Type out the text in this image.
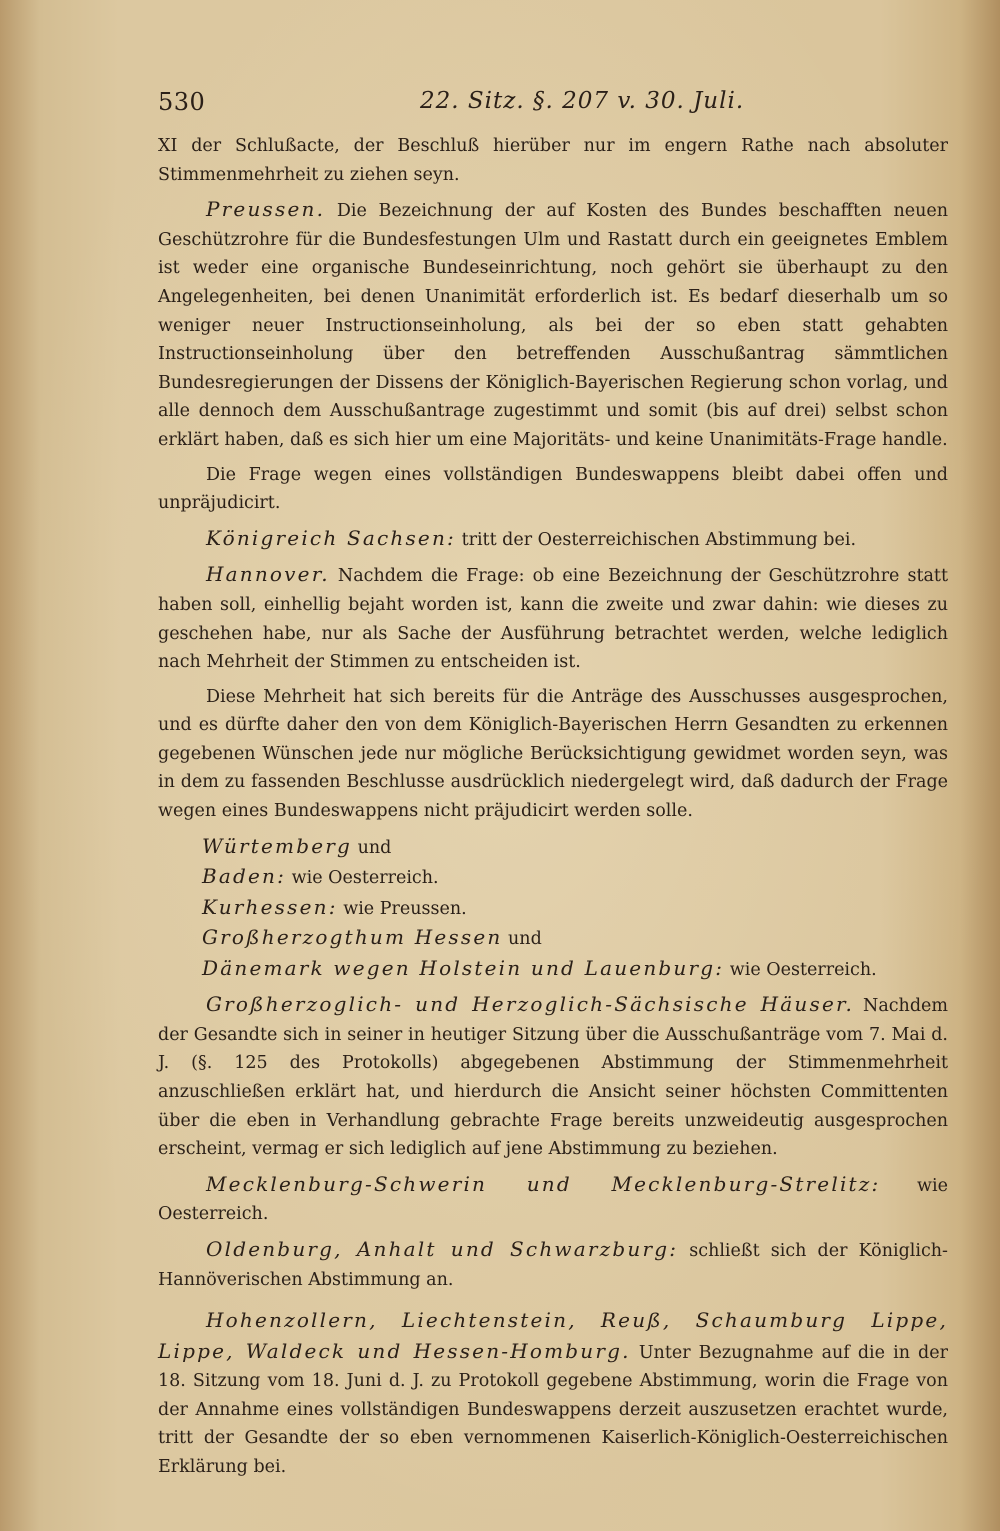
530	22. Sitz. §. 207 v. 30. Juli.

XI der Schlußacte, der Beschluß hierüber nur im engern Rathe nach absoluter Stimmenmehrheit zu ziehen seyn.

Preussen. Die Bezeichnung der auf Kosten des Bundes beschafften neuen Geschützrohre für die Bundesfestungen Ulm und Rastatt durch ein geeignetes Emblem ist weder eine organische Bundeseinrichtung, noch gehört sie überhaupt zu den Angelegenheiten, bei denen Unanimität erforderlich ist. Es bedarf dieserhalb um so weniger neuer Instructionseinholung, als bei der so eben statt gehabten Instructionseinholung über den betreffenden Ausschußantrag sämmtlichen Bundesregierungen der Dissens der Königlich-Bayerischen Regierung schon vorlag, und alle dennoch dem Ausschußantrage zugestimmt und somit (bis auf drei) selbst schon erklärt haben, daß es sich hier um eine Majoritäts- und keine Unanimitäts-Frage handle.

Die Frage wegen eines vollständigen Bundeswappens bleibt dabei offen und unpräjudicirt.

Königreich Sachsen: tritt der Oesterreichischen Abstimmung bei.

Hannover. Nachdem die Frage: ob eine Bezeichnung der Geschützrohre statt haben soll, einhellig bejaht worden ist, kann die zweite und zwar dahin: wie dieses zu geschehen habe, nur als Sache der Ausführung betrachtet werden, welche lediglich nach Mehrheit der Stimmen zu entscheiden ist.

Diese Mehrheit hat sich bereits für die Anträge des Ausschusses ausgesprochen, und es dürfte daher den von dem Königlich-Bayerischen Herrn Gesandten zu erkennen gegebenen Wünschen jede nur mögliche Berücksichtigung gewidmet worden seyn, was in dem zu fassenden Beschlusse ausdrücklich niedergelegt wird, daß dadurch der Frage wegen eines Bundeswappens nicht präjudicirt werden solle.

Würtemberg und
Baden: wie Oesterreich.
Kurhessen: wie Preussen.
Großherzogthum Hessen und
Dänemark wegen Holstein und Lauenburg: wie Oesterreich.

Großherzoglich- und Herzoglich-Sächsische Häuser. Nachdem der Gesandte sich in seiner in heutiger Sitzung über die Ausschußanträge vom 7. Mai d. J. (§. 125 des Protokolls) abgegebenen Abstimmung der Stimmenmehrheit anzuschließen erklärt hat, und hierdurch die Ansicht seiner höchsten Committenten über die eben in Verhandlung gebrachte Frage bereits unzweideutig ausgesprochen erscheint, vermag er sich lediglich auf jene Abstimmung zu beziehen.

Mecklenburg-Schwerin und Mecklenburg-Strelitz: wie Oesterreich.

Oldenburg, Anhalt und Schwarzburg: schließt sich der Königlich-Hannöverischen Abstimmung an.

Hohenzollern, Liechtenstein, Reuß, Schaumburg Lippe, Lippe, Waldeck und Hessen-Homburg. Unter Bezugnahme auf die in der 18. Sitzung vom 18. Juni d. J. zu Protokoll gegebene Abstimmung, worin die Frage von der Annahme eines vollständigen Bundeswappens derzeit auszusetzen erachtet wurde, tritt der Gesandte der so eben vernommenen Kaiserlich-Königlich-Oesterreichischen Erklärung bei.
